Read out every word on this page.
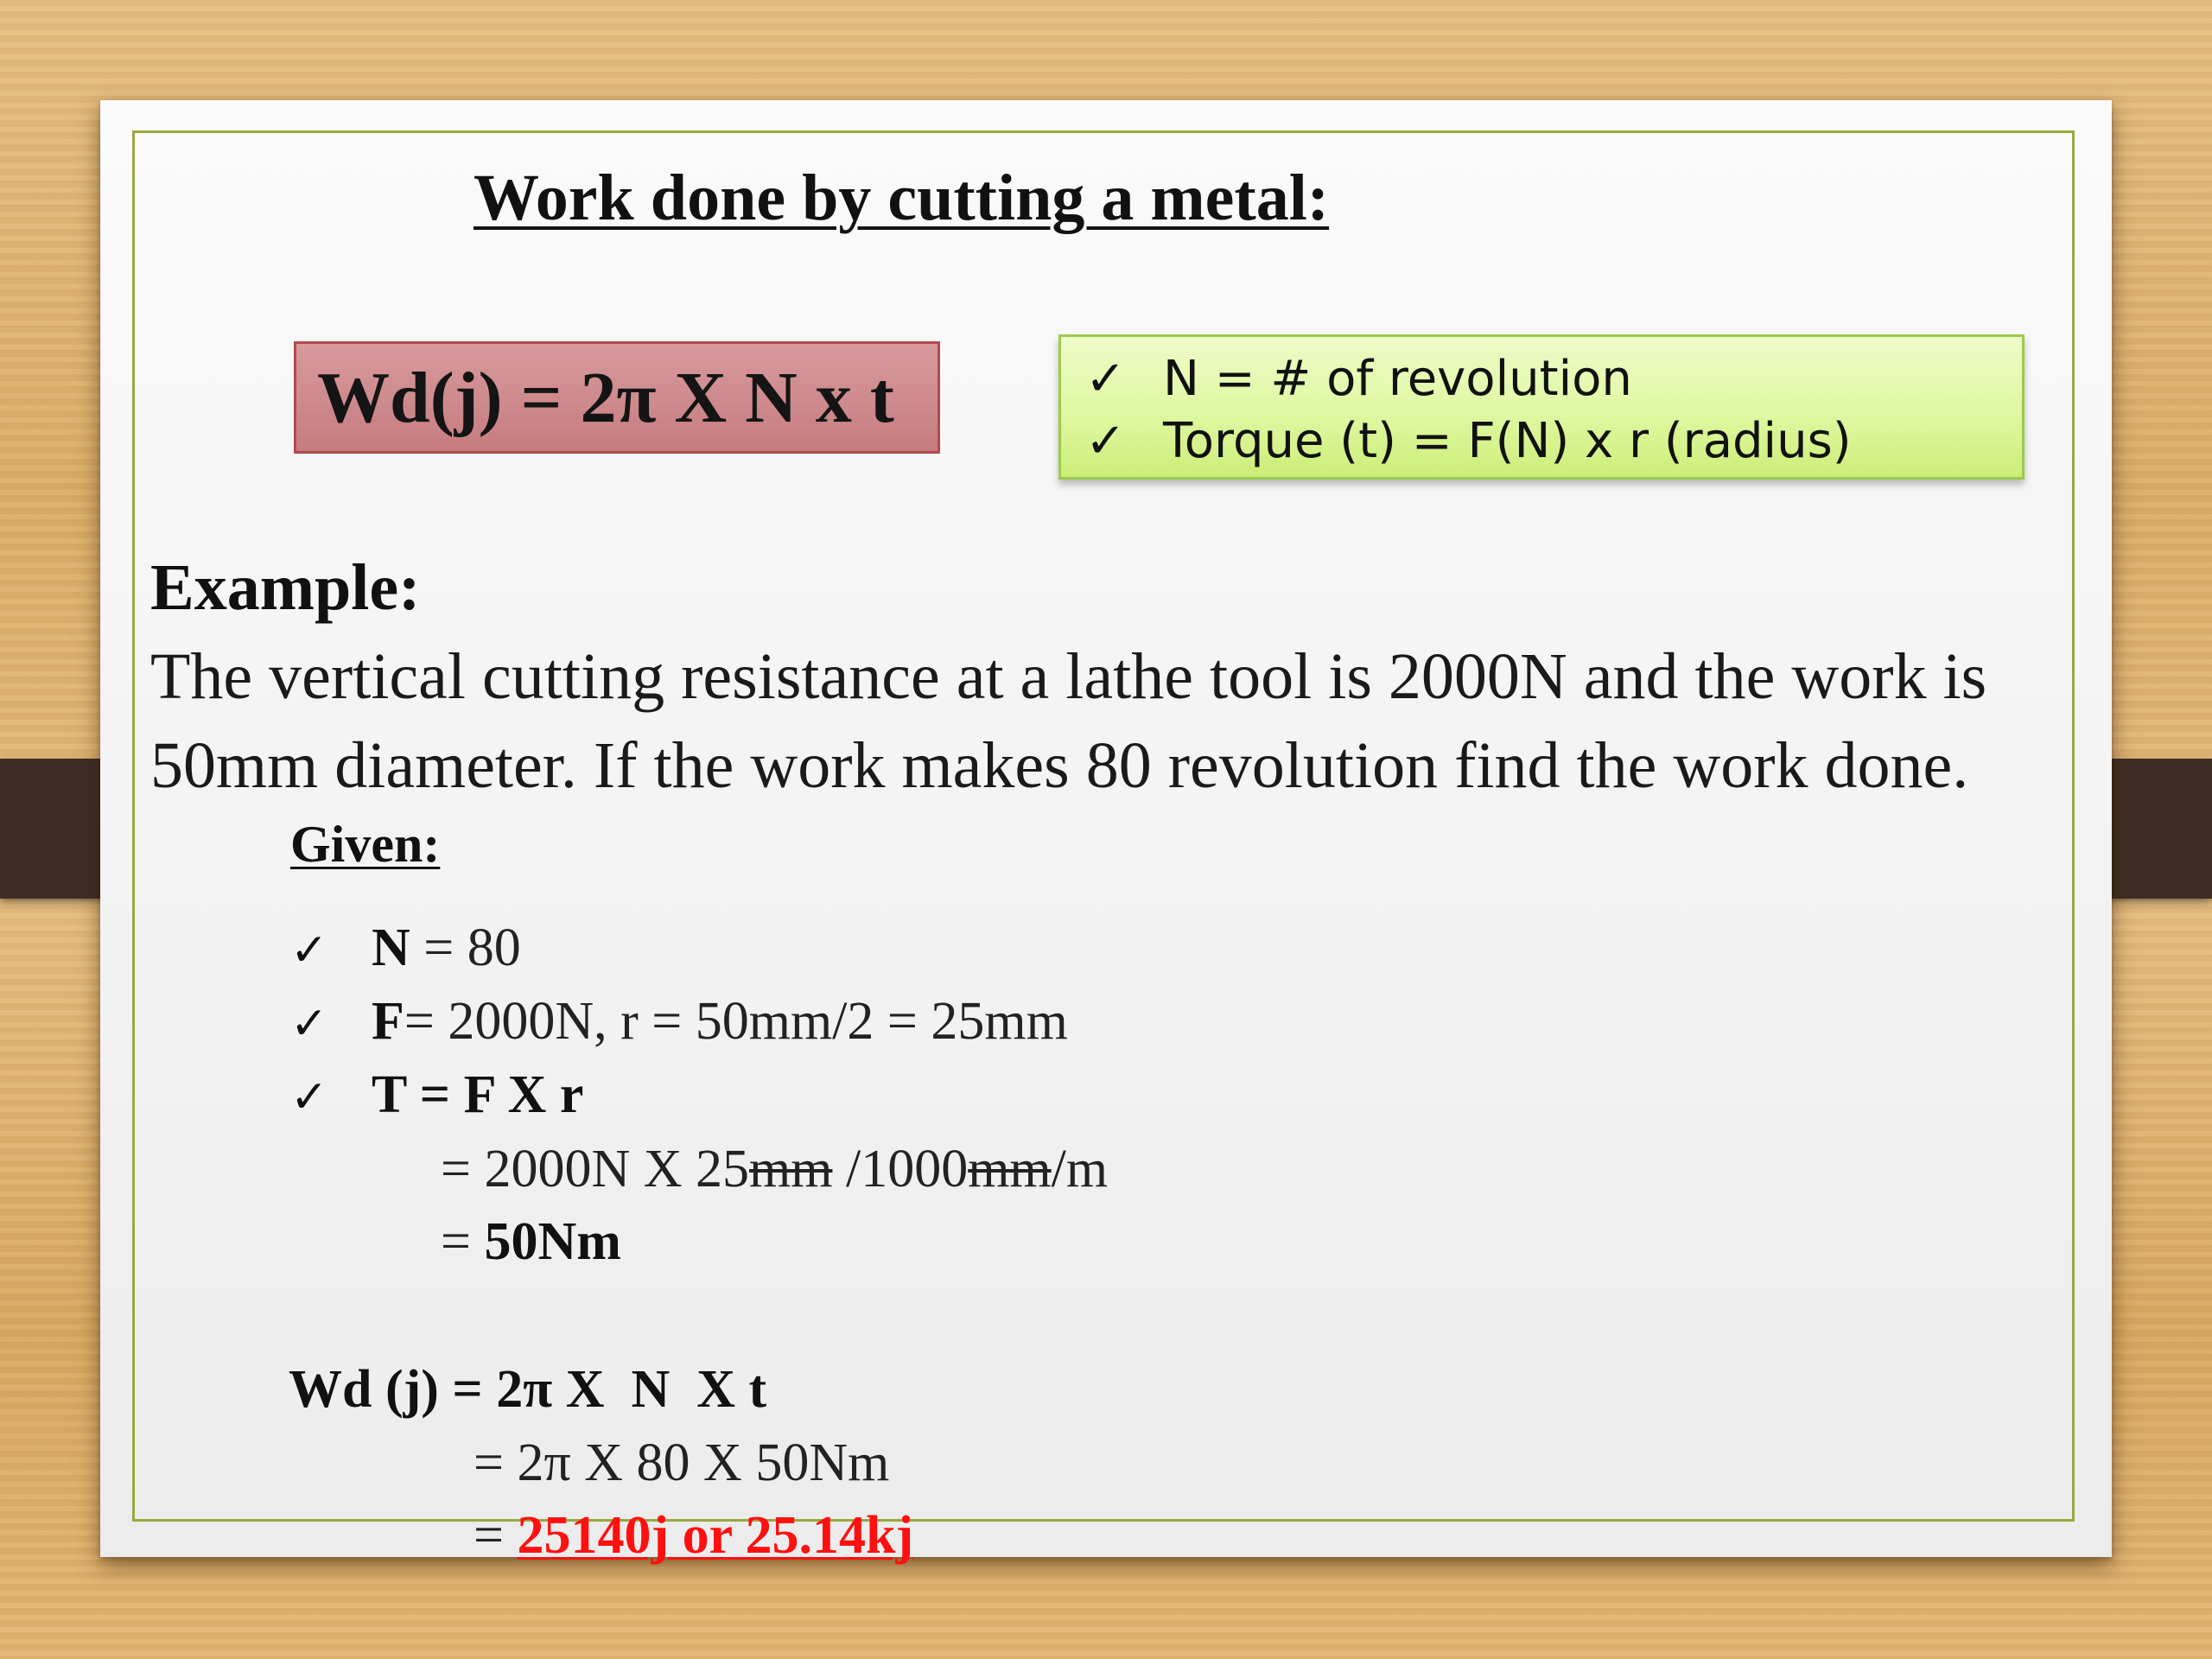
Work done by cutting a metal:
Wd(j) = 2π X N x t	✓ N = # of revolution
✓ Torque (t) = F(N) x r (radius)
Example:
The vertical cutting resistance at a lathe tool is 2000N and the work is
50mm diameter. If the work makes 80 revolution find the work done.
Given:
✓ N = 80
✓ F= 2000N, r = 50mm/2 = 25mm
✓ T = F X r
= 2000N X 25mm /1000mm/m
= 50Nm
Wd (j) = 2π X  N  X t
= 2π X 80 X 50Nm
= 25140j or 25.14kj
